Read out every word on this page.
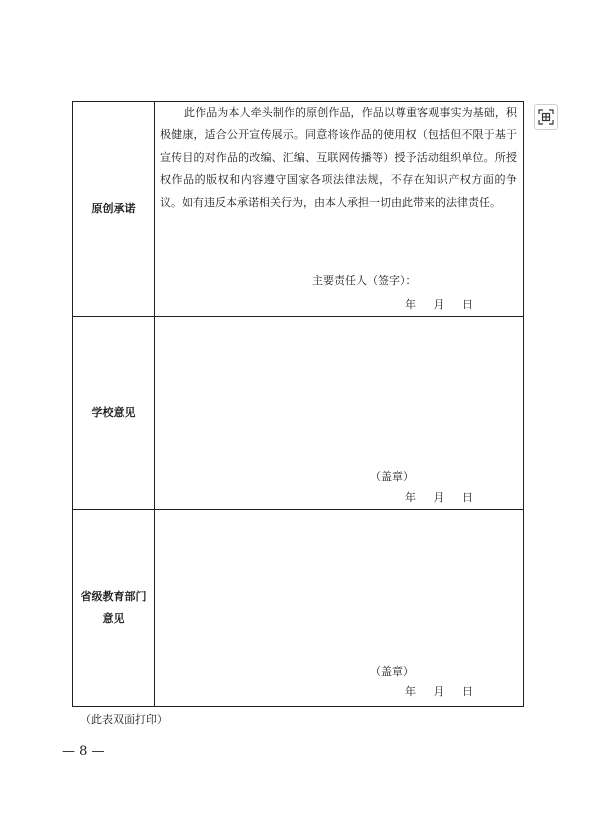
原创承诺
此作品为本人牵头制作的原创作品，作品以尊重客观事实为基础，积极健康，适合公开宣传展示。同意将该作品的使用权（包括但不限于基于宣传目的对作品的改编、汇编、互联网传播等）授予活动组织单位。所授权作品的版权和内容遵守国家各项法律法规，不存在知识产权方面的争议。如有违反本承诺相关行为，由本人承担一切由此带来的法律责任。
主要责任人（签字）：
年 月 日
学校意见
（盖章）
年 月 日
省级教育部门
意见
（盖章）
年 月 日
（此表双面打印）
— 8 —
